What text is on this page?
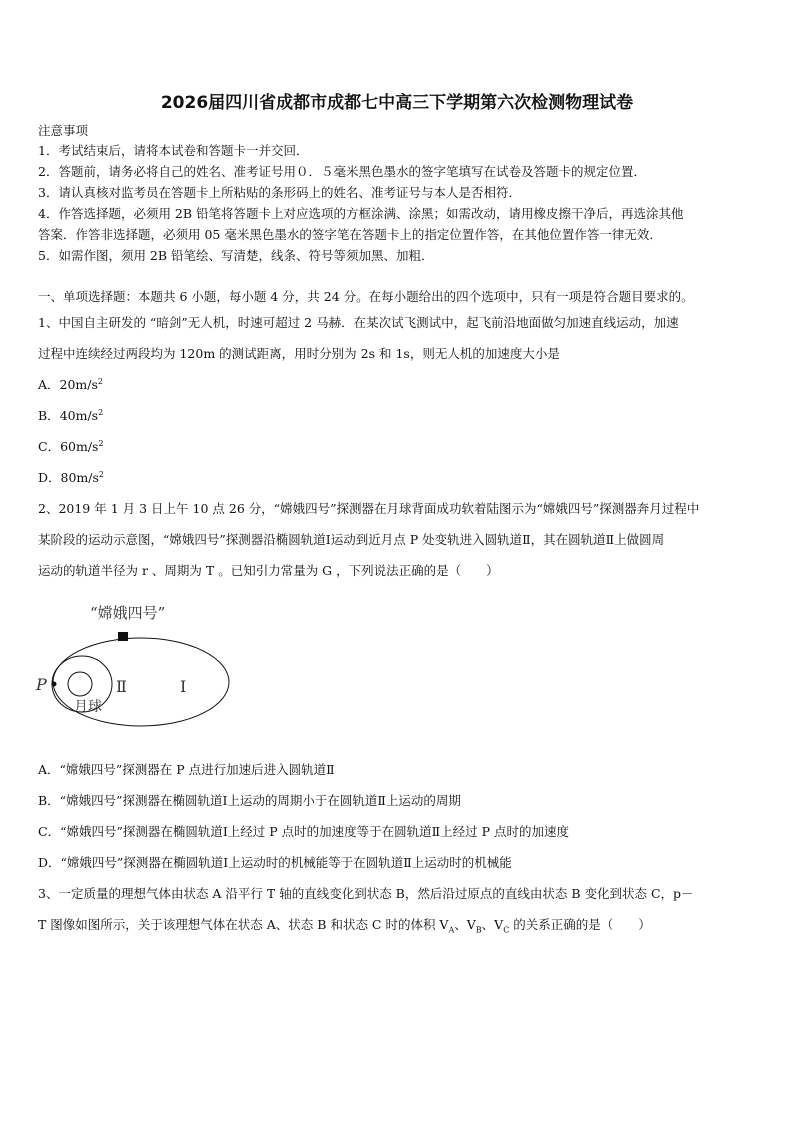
2026届四川省成都市成都七中高三下学期第六次检测物理试卷
注意事项
1．考试结束后，请将本试卷和答题卡一并交回．
2．答题前，请务必将自己的姓名、准考证号用０．５毫米黑色墨水的签字笔填写在试卷及答题卡的规定位置．
3．请认真核对监考员在答题卡上所粘贴的条形码上的姓名、准考证号与本人是否相符．
4．作答选择题，必须用 2B 铅笔将答题卡上对应选项的方框涂满、涂黑；如需改动，请用橡皮擦干净后，再选涂其他
答案．作答非选择题，必须用 05 毫米黑色墨水的签字笔在答题卡上的指定位置作答，在其他位置作答一律无效．
5．如需作图，须用 2B 铅笔绘、写清楚，线条、符号等须加黑、加粗．
一、单项选择题：本题共 6 小题，每小题 4 分，共 24 分。在每小题给出的四个选项中，只有一项是符合题目要求的。
1、中国自主研发的 “暗剑”无人机，时速可超过 2 马赫．在某次试飞测试中，起飞前沿地面做匀加速直线运动，加速
过程中连续经过两段均为 120m 的测试距离，用时分别为 2s 和 1s，则无人机的加速度大小是
A．$20m/s^2$
B．$40m/s^2$
C．$60m/s^2$
D．$80m/s^2$
2、2019 年 1 月 3 日上午 10 点 26 分，“嫦娥四号”探测器在月球背面成功软着陆图示为“嫦娥四号”探测器奔月过程中
某阶段的运动示意图，“嫦娥四号”探测器沿椭圆轨道Ⅰ运动到近月点 P 处变轨进入圆轨道Ⅱ，其在圆轨道Ⅱ上做圆周
运动的轨道半径为 r 、周期为 T 。已知引力常量为 G ，下列说法正确的是（　　）
“嫦娥四号”
P	Ⅱ	Ⅰ
月球
A．“嫦娥四号”探测器在 P 点进行加速后进入圆轨道Ⅱ
B．“嫦娥四号”探测器在椭圆轨道Ⅰ上运动的周期小于在圆轨道Ⅱ上运动的周期
C．“嫦娥四号”探测器在椭圆轨道Ⅰ上经过 P 点时的加速度等于在圆轨道Ⅱ上经过 P 点时的加速度
D．“嫦娥四号”探测器在椭圆轨道Ⅰ上运动时的机械能等于在圆轨道Ⅱ上运动时的机械能
3、一定质量的理想气体由状态 A 沿平行 T 轴的直线变化到状态 B，然后沿过原点的直线由状态 B 变化到状态 C，p－
T 图像如图所示，关于该理想气体在状态 A、状态 B 和状态 C 时的体积 $V_A$、$V_B$、$V_C$ 的关系正确的是（　　）
